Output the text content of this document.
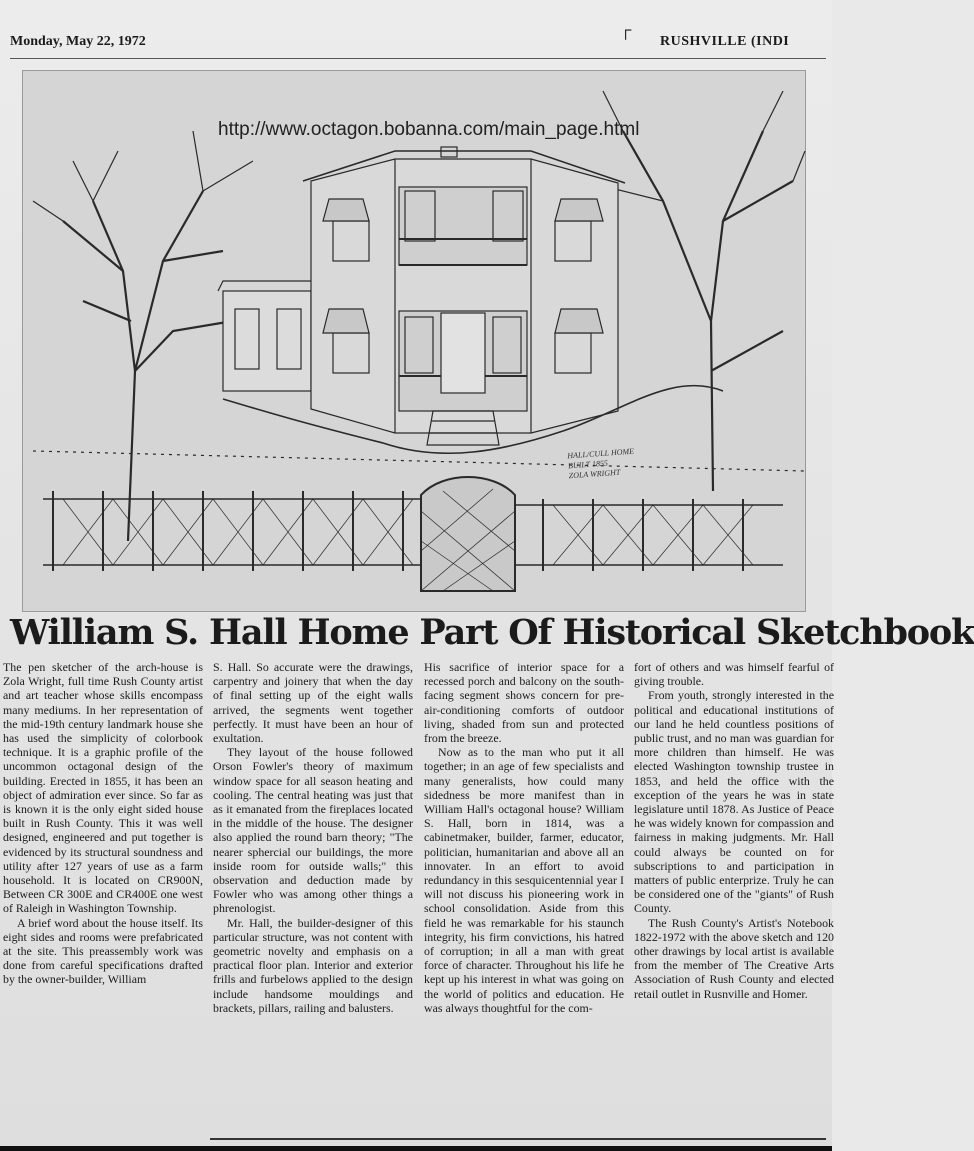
Monday, May 22, 1972
┌
RUSHVILLE (INDI
http://www.octagon.bobanna.com/main_page.html
HALL/CULL HOME
BUILT 1855
ZOLA WRIGHT
William S. Hall Home Part Of Historical Sketchbook

The pen sketcher of the arch-house is Zola Wright, full time Rush County artist and art teacher whose skills encompass many mediums. In her representation of the mid-19th century landmark house she has used the simplicity of colorbook technique. It is a graphic profile of the uncommon octagonal design of the building. Erected in 1855, it has been an object of admiration ever since. So far as is known it is the only eight sided house built in Rush County. This it was well designed, engineered and put together is evidenced by its structural soundness and utility after 127 years of use as a farm household. It is located on CR900N, Between CR 300E and CR400E one west of Raleigh in Washington Township.

A brief word about the house itself. Its eight sides and rooms were prefabricated at the site. This preassembly work was done from careful specifications drafted by the owner-builder, William

S. Hall. So accurate were the drawings, carpentry and joinery that when the day of final setting up of the eight walls arrived, the segments went together perfectly. It must have been an hour of exultation.

They layout of the house followed Orson Fowler's theory of maximum window space for all season heating and cooling. The central heating was just that as it emanated from the fireplaces located in the middle of the house. The designer also applied the round barn theory; "The nearer sphercial our buildings, the more inside room for outside walls;" this observation and deduction made by Fowler who was among other things a phrenologist.

Mr. Hall, the builder-designer of this particular structure, was not content with geometric novelty and emphasis on a practical floor plan. Interior and exterior frills and furbelows applied to the design include handsome mouldings and brackets, pillars, railing and balusters.

His sacrifice of interior space for a recessed porch and balcony on the south-facing segment shows concern for pre-air-conditioning comforts of outdoor living, shaded from sun and protected from the breeze.

Now as to the man who put it all together; in an age of few specialists and many generalists, how could many sidedness be more manifest than in William Hall's octagonal house? William S. Hall, born in 1814, was a cabinetmaker, builder, farmer, educator, politician, humanitarian and above all an innovater. In an effort to avoid redundancy in this sesquicentennial year I will not discuss his pioneering work in school consolidation. Aside from this field he was remarkable for his staunch integrity, his firm convictions, his hatred of corruption; in all a man with great force of character. Throughout his life he kept up his interest in what was going on the world of politics and education. He was always thoughtful for the com-

fort of others and was himself fearful of giving trouble.

From youth, strongly interested in the political and educational institutions of our land he held countless positions of public trust, and no man was guardian for more children than himself. He was elected Washington township trustee in 1853, and held the office with the exception of the years he was in state legislature until 1878. As Justice of Peace he was widely known for compassion and fairness in making judgments. Mr. Hall could always be counted on for subscriptions to and participation in matters of public enterprize. Truly he can be considered one of the "giants" of Rush County.

The Rush County's Artist's Notebook 1822-1972 with the above sketch and 120 other drawings by local artist is available from the member of The Creative Arts Association of Rush County and elected retail outlet in Rusnville and Homer.
